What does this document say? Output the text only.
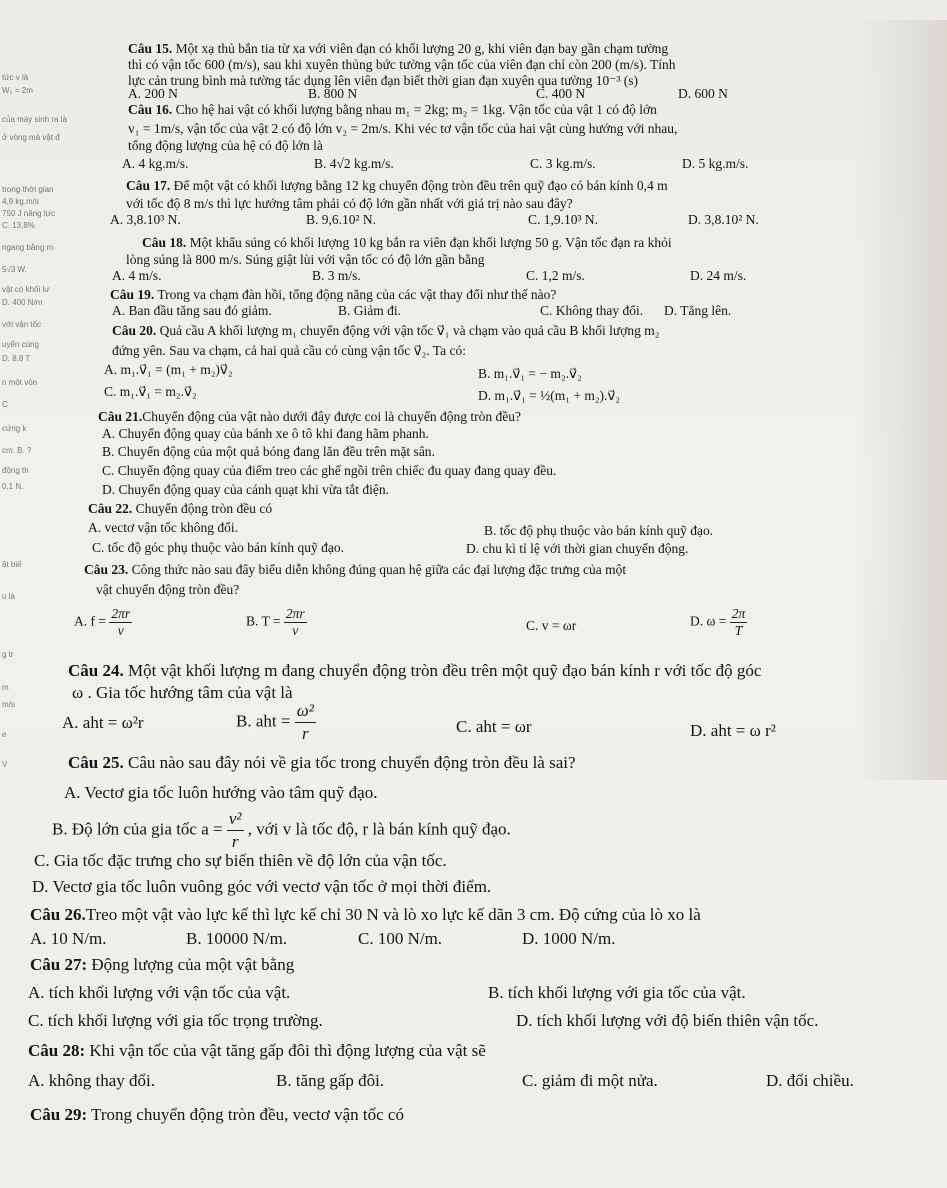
tức v là
W₂ = 2m
của máy sinh ra là
ở vòng mà vật đ
trong thời gian
4,9 kg.m/s
750 J năng lực
C. 13,8%
ngang bằng m
5√3 W.
vật có khối lư
D. 400 N/m
với vận tốc
uyển cùng
D. 8,8 T
n một vòn
C
cứng k
cm. B. ?
động th
0,1 N.
ật biế
u là
g tr
m
m/s
e
V
Câu 15. Một xạ thủ bắn tia từ xa với viên đạn có khối lượng 20 g, khi viên đạn bay gần chạm tường
thì có vận tốc 600 (m/s), sau khi xuyên thủng bức tường vận tốc của viên đạn chỉ còn 200 (m/s). Tính
lực cản trung bình mà tường tác dụng lên viên đạn biết thời gian đạn xuyên qua tường 10⁻³ (s)
A. 200 N	B. 800 N	C. 400 N	D. 600 N
Câu 16. Cho hệ hai vật có khối lượng bằng nhau m₁ = 2kg; m₂ = 1kg. Vận tốc của vật 1 có độ lớn
v₁ = 1m/s, vận tốc của vật 2 có độ lớn v₂ = 2m/s. Khi véc tơ vận tốc của hai vật cùng hướng với nhau,
tổng động lượng của hệ có độ lớn là
A. 4 kg.m/s.	B. 4√2 kg.m/s.	C. 3 kg.m/s.	D. 5 kg.m/s.
Câu 17. Để một vật có khối lượng bằng 12 kg chuyển động tròn đều trên quỹ đạo có bán kính 0,4 m
với tốc độ 8 m/s thì lực hướng tâm phải có độ lớn gần nhất với giá trị nào sau đây?
A. 3,8.10³ N.	B. 9,6.10² N.	C. 1,9.10³ N.	D. 3,8.10² N.
Câu 18. Một khẩu súng có khối lượng 10 kg bắn ra viên đạn khối lượng 50 g. Vận tốc đạn ra khỏi
lòng súng là 800 m/s. Súng giật lùi với vận tốc có độ lớn gần bằng
A. 4 m/s.	B. 3 m/s.	C. 1,2 m/s.	D. 24 m/s.
Câu 19. Trong va chạm đàn hồi, tổng động năng của các vật thay đổi như thế nào?
A. Ban đầu tăng sau đó giảm.	B. Giảm đi.	C. Không thay đổi. D. Tăng lên.
Câu 20. Quả cầu A khối lượng m₁ chuyển động với vận tốc v⃗₁ và chạm vào quả cầu B khối lượng m₂
đứng yên. Sau va chạm, cả hai quả cầu có cùng vận tốc v⃗₂. Ta có:
A. m₁.v⃗₁ = (m₁ + m₂)v⃗₂	B. m₁.v⃗₁ = − m₂.v⃗₂
C. m₁.v⃗₁ = m₂.v⃗₂	D. m₁.v⃗₁ = ½(m₁ + m₂).v⃗₂
Câu 21.Chuyển động của vật nào dưới đây được coi là chuyển động tròn đều?
A. Chuyển động quay của bánh xe ô tô khi đang hãm phanh.
B. Chuyển động của một quả bóng đang lăn đều trên mặt sân.
C. Chuyển động quay của điểm treo các ghế ngồi trên chiếc đu quay đang quay đều.
D. Chuyển động quay của cánh quạt khi vừa tắt điện.
Câu 22. Chuyển động tròn đều có
A. vectơ vận tốc không đổi.	B. tốc độ phụ thuộc vào bán kính quỹ đạo.
C. tốc độ góc phụ thuộc vào bán kính quỹ đạo.	D. chu kì tỉ lệ với thời gian chuyển động.
Câu 23. Công thức nào sau đây biểu diễn không đúng quan hệ giữa các đại lượng đặc trưng của một
vật chuyển động tròn đều?
A. $f = \frac{2\pi r}{v}$	B. $T = \frac{2\pi r}{v}$	C. v = ωr	D. $\omega = \frac{2\pi}{T}$
Câu 24. Một vật khối lượng m đang chuyển động tròn đều trên một quỹ đạo bán kính r với tốc độ góc
ω . Gia tốc hướng tâm của vật là
A. aht = ω²r	B. aht = $\frac{\text{ω²}}{r}$	C. aht = ωr	D. aht = ω r²
Câu 25. Câu nào sau đây nói về gia tốc trong chuyển động tròn đều là sai?
A. Vectơ gia tốc luôn hướng vào tâm quỹ đạo.
B. Độ lớn của gia tốc $a = \frac{\text{v²}}{r}$ , với v là tốc độ, r là bán kính quỹ đạo.
C. Gia tốc đặc trưng cho sự biến thiên về độ lớn của vận tốc.
D. Vectơ gia tốc luôn vuông góc với vectơ vận tốc ở mọi thời điểm.
Câu 26.Treo một vật vào lực kế thì lực kế chỉ 30 N và lò xo lực kế dãn 3 cm. Độ cứng của lò xo là
A. 10 N/m.	B. 10000 N/m.	C. 100 N/m.	D. 1000 N/m.
Câu 27: Động lượng của một vật bằng
A. tích khối lượng với vận tốc của vật.	B. tích khối lượng với gia tốc của vật.
C. tích khối lượng với gia tốc trọng trường.	D. tích khối lượng với độ biến thiên vận tốc.
Câu 28: Khi vận tốc của vật tăng gấp đôi thì động lượng của vật sẽ
A. không thay đổi.	B. tăng gấp đôi.	C. giảm đi một nửa.	D. đổi chiều.
Câu 29: Trong chuyển động tròn đều, vectơ vận tốc có
